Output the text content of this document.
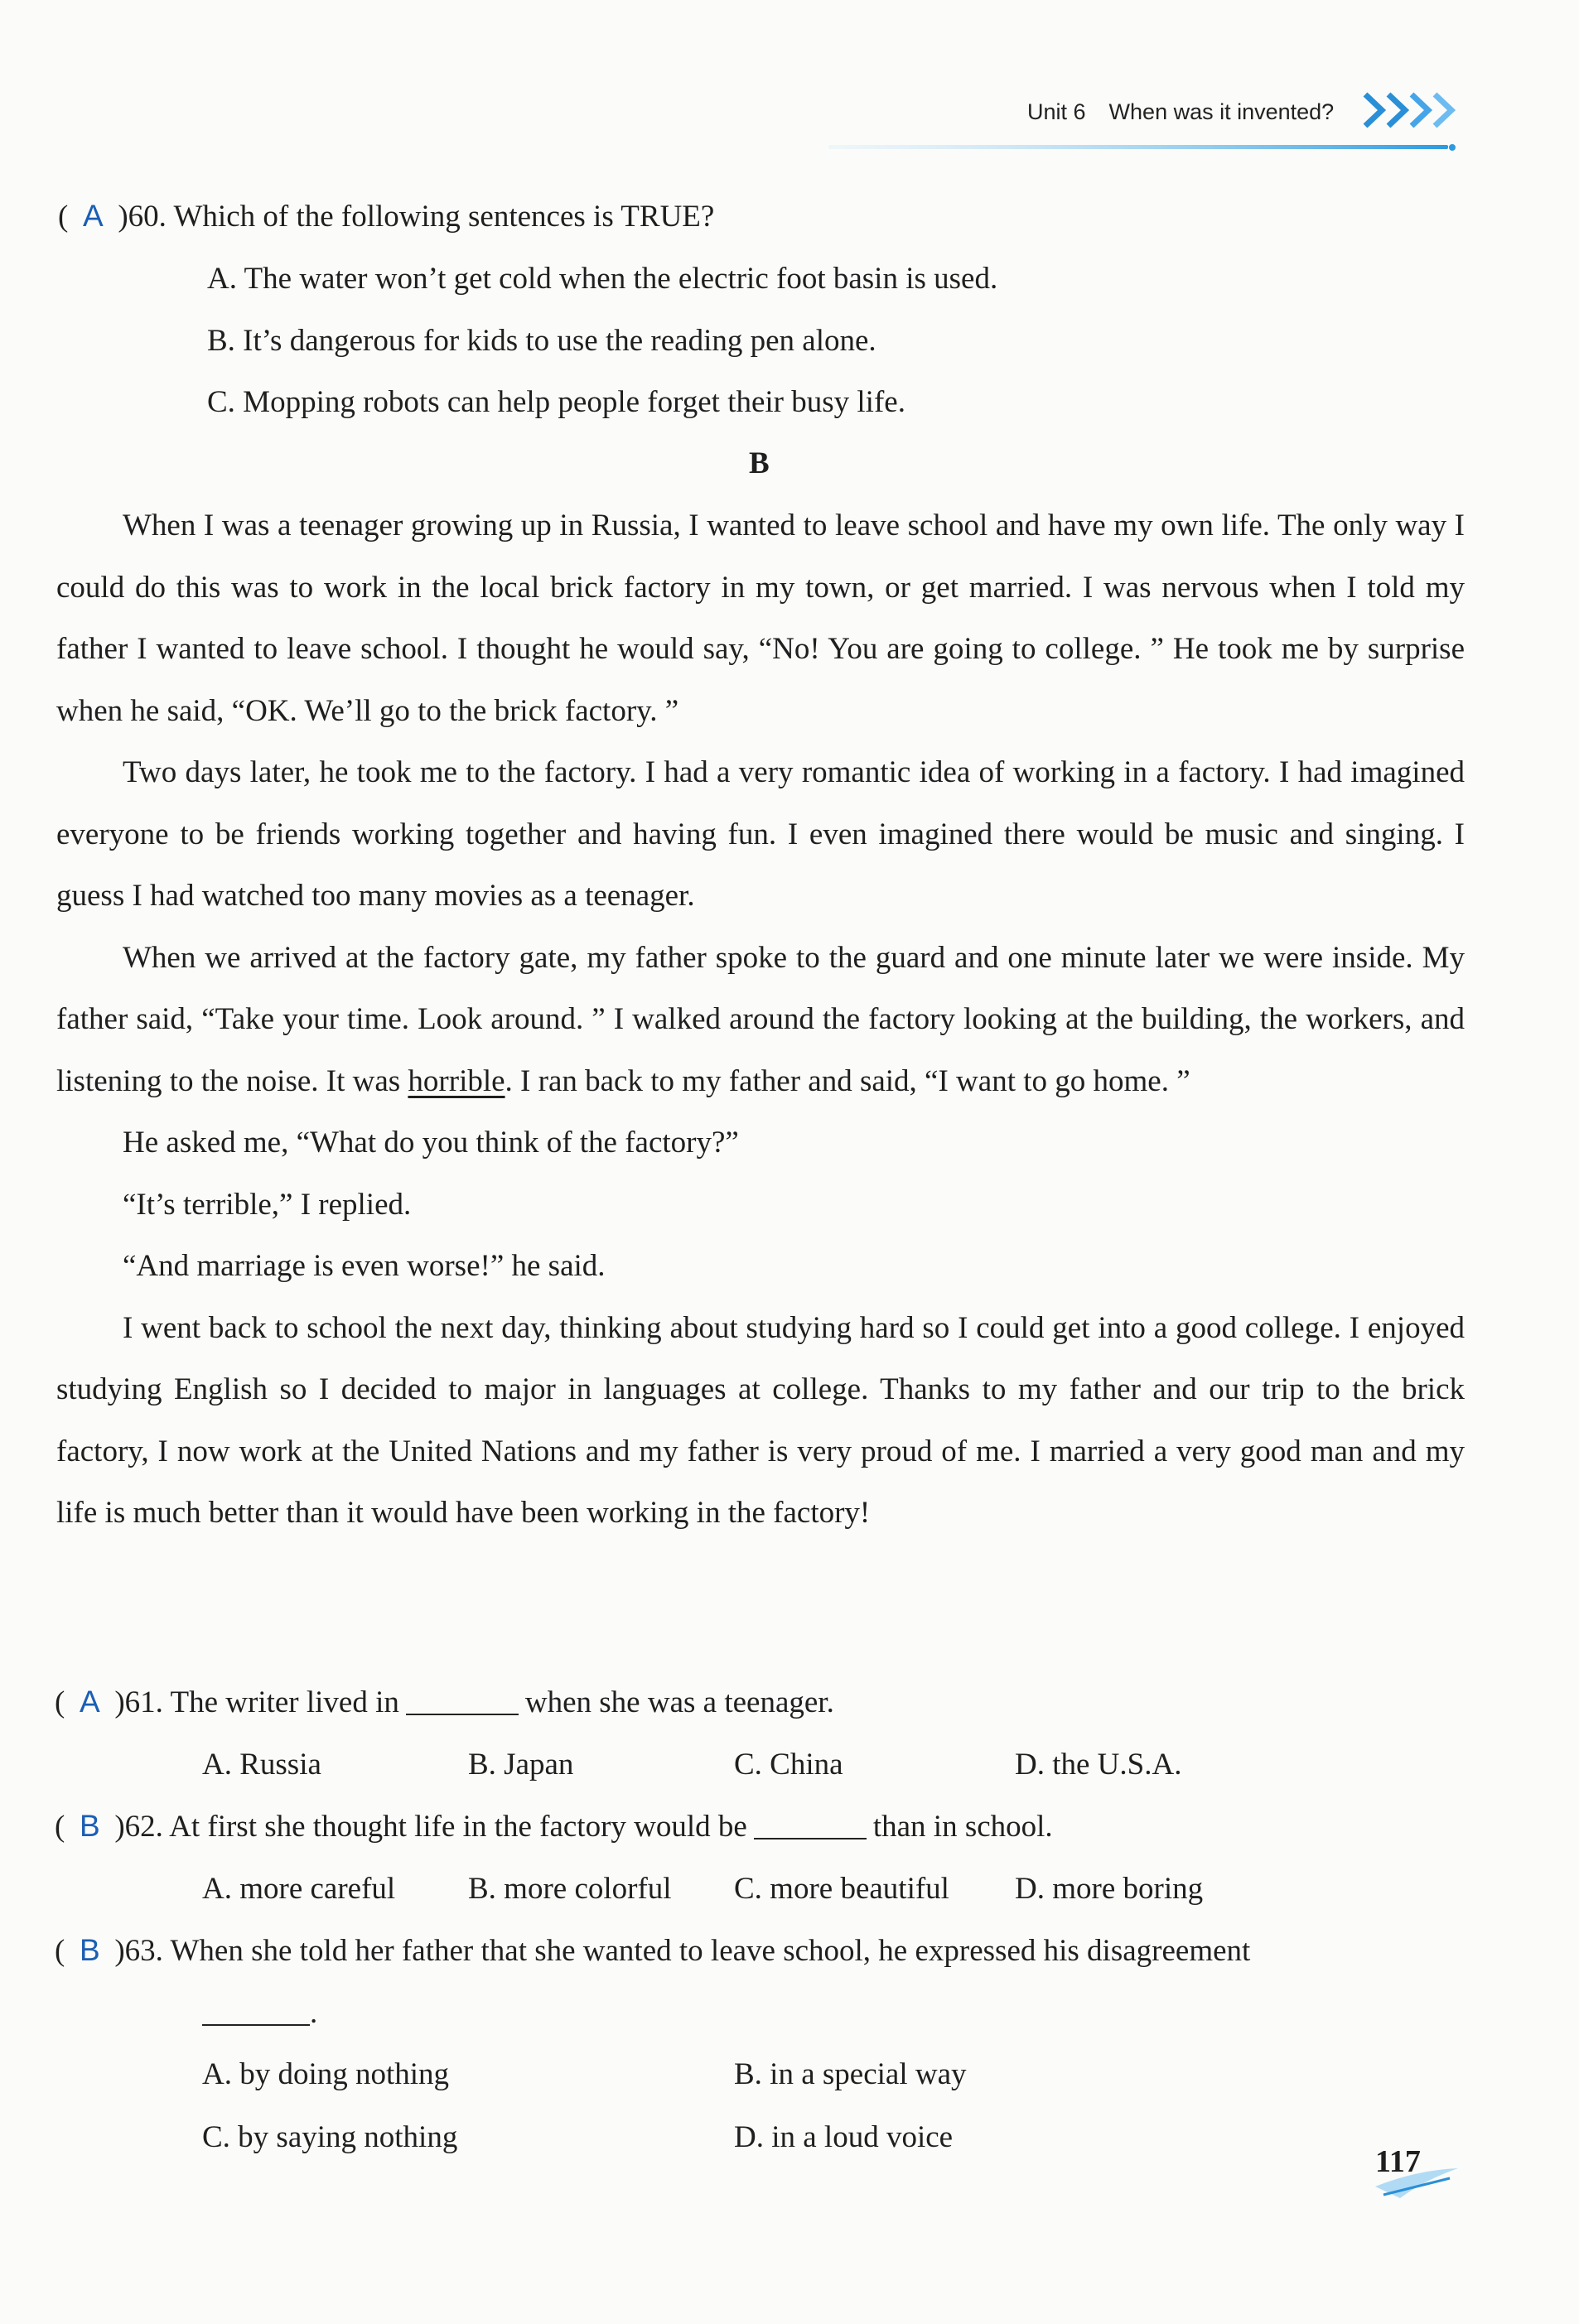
Unit 6 When was it invented?
( A )60. Which of the following sentences is TRUE?
A. The water won’t get cold when the electric foot basin is used.
B. It’s dangerous for kids to use the reading pen alone.
C. Mopping robots can help people forget their busy life.
B

When I was a teenager growing up in Russia, I wanted to leave school and have my own life. The only way I could do this was to work in the local brick factory in my town, or get married. I was nervous when I told my father I wanted to leave school. I thought he would say, “No! You are going to college. ” He took me by surprise when he said, “OK. We’ll go to the brick factory. ”

Two days later, he took me to the factory. I had a very romantic idea of working in a factory. I had imagined everyone to be friends working together and having fun. I even imagined there would be music and singing. I guess I had watched too many movies as a teenager.

When we arrived at the factory gate, my father spoke to the guard and one minute later we were inside. My father said, “Take your time. Look around. ” I walked around the factory looking at the building, the workers, and listening to the noise. It was horrible. I ran back to my father and said, “I want to go home. ”

He asked me, “What do you think of the factory?”

“It’s terrible,” I replied.

“And marriage is even worse!” he said.

I went back to school the next day, thinking about studying hard so I could get into a good college. I enjoyed studying English so I decided to major in languages at college. Thanks to my father and our trip to the brick factory, I now work at the United Nations and my father is very proud of me. I married a very good man and my life is much better than it would have been working in the factory!

( A )61. The writer lived in	when she was a teenager.
A. Russia	B. Japan	C. China	D. the U.S.A.
( B )62. At first she thought life in the factory would be	than in school.
A. more careful B. more colorful C. more beautiful D. more boring
( B )63. When she told her father that she wanted to leave school, he expressed his disagreement
.
A. by doing nothing	B. in a special way
C. by saying nothing	D. in a loud voice
117
